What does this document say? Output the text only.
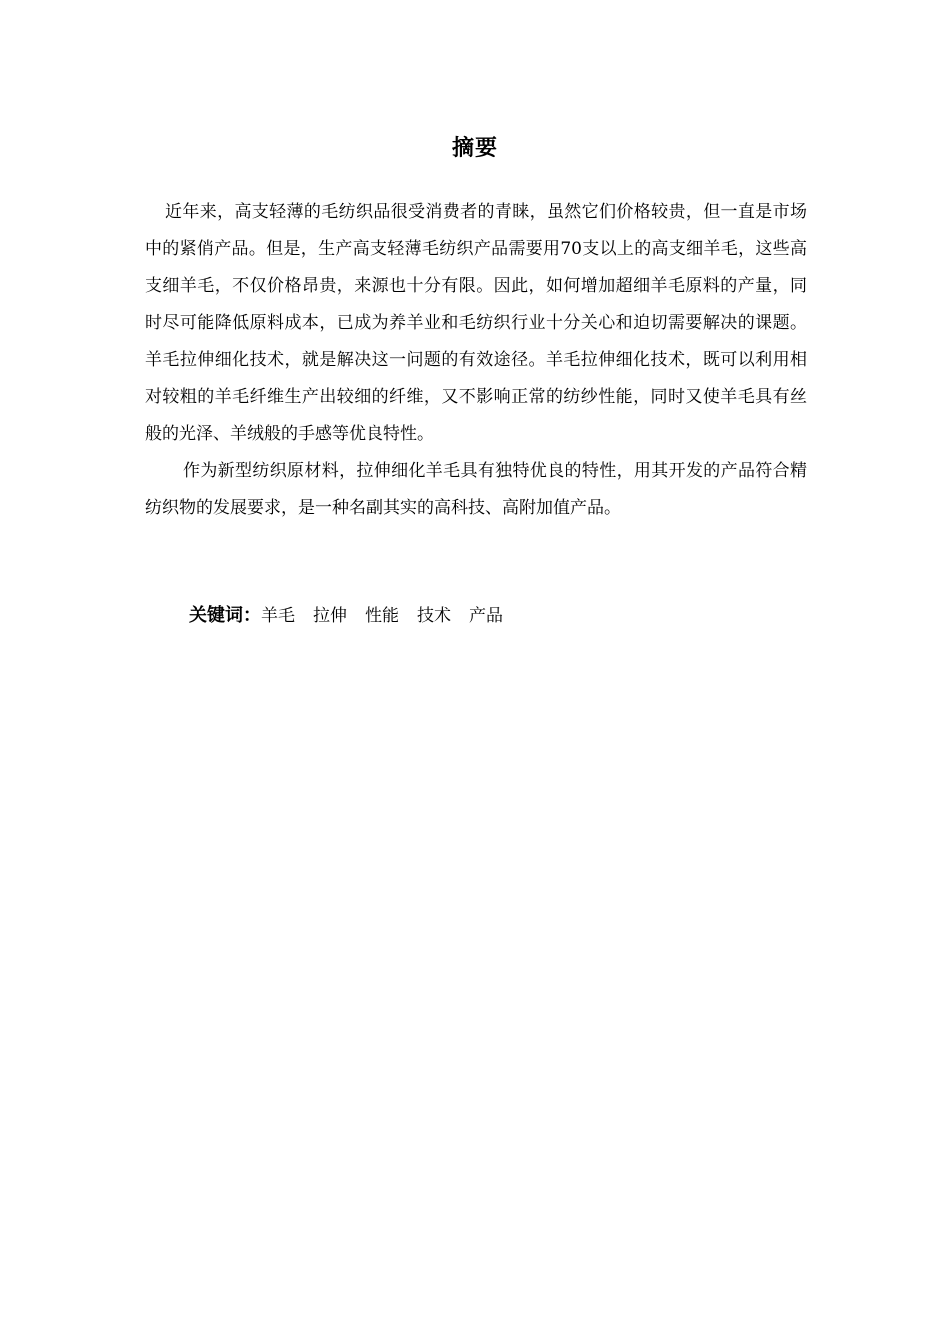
摘要

近年来，高支轻薄的毛纺织品很受消费者的青睐，虽然它们价格较贵，但一直是市场中的紧俏产品。但是，生产高支轻薄毛纺织产品需要用70支以上的高支细羊毛，这些高支细羊毛，不仅价格昂贵，来源也十分有限。因此，如何增加超细羊毛原料的产量，同时尽可能降低原料成本，已成为养羊业和毛纺织行业十分关心和迫切需要解决的课题。羊毛拉伸细化技术，就是解决这一问题的有效途径。羊毛拉伸细化技术，既可以利用相对较粗的羊毛纤维生产出较细的纤维，又不影响正常的纺纱性能，同时又使羊毛具有丝般的光泽、羊绒般的手感等优良特性。

作为新型纺织原材料，拉伸细化羊毛具有独特优良的特性，用其开发的产品符合精纺织物的发展要求，是一种名副其实的高科技、高附加值产品。

关键词：羊毛 拉伸 性能 技术 产品
